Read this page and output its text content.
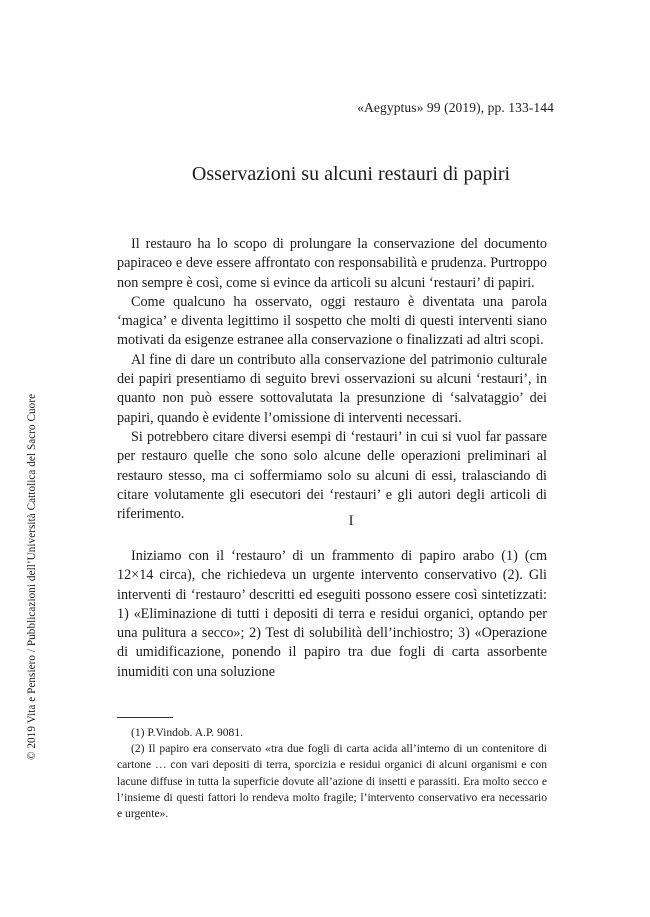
«Aegyptus» 99 (2019), pp. 133-144
Osservazioni su alcuni restauri di papiri

Il restauro ha lo scopo di prolungare la conservazione del documento papiraceo e deve essere affrontato con responsabilità e prudenza. Purtroppo non sempre è così, come si evince da articoli su alcuni ‘restauri’ di papiri.

Come qualcuno ha osservato, oggi restauro è diventata una parola ‘magica’ e diventa legittimo il sospetto che molti di questi interventi siano motivati da esigenze estranee alla conservazione o finalizzati ad altri scopi.

Al fine di dare un contributo alla conservazione del patrimonio culturale dei papiri presentiamo di seguito brevi osservazioni su alcuni ‘restauri’, in quanto non può essere sottovalutata la presunzione di ‘salvataggio’ dei papiri, quando è evidente l’omissione di interventi necessari.

Si potrebbero citare diversi esempi di ‘restauri’ in cui si vuol far passare per restauro quelle che sono solo alcune delle operazioni preliminari al restauro stesso, ma ci soffermiamo solo su alcuni di essi, tralasciando di citare volutamente gli esecutori dei ‘restauri’ e gli autori degli articoli di riferimento.	I

Iniziamo con il ‘restauro’ di un frammento di papiro arabo (1) (cm 12×14 circa), che richiedeva un urgente intervento conservativo (2). Gli interventi di ‘restauro’ descritti ed eseguiti possono essere così sintetizzati: 1) «Eliminazione di tutti i depositi di terra e residui organici, optando per una pulitura a secco»; 2) Test di solubilità dell’inchiostro; 3) «Operazione di umidificazione, ponendo il papiro tra due fogli di carta assorbente inumiditi con una soluzione

(1) P.Vindob. A.P. 9081.

(2) Il papiro era conservato «tra due fogli di carta acida all’interno di un contenitore di cartone … con vari depositi di terra, sporcizia e residui organici di alcuni organismi e con lacune diffuse in tutta la superficie dovute all’azione di insetti e parassiti. Era molto secco e l’insieme di questi fattori lo rendeva molto fragile; l’intervento conservativo era necessario e urgente».

© 2019 Vita e Pensiero / Pubblicazioni dell’Università Cattolica del Sacro Cuore
